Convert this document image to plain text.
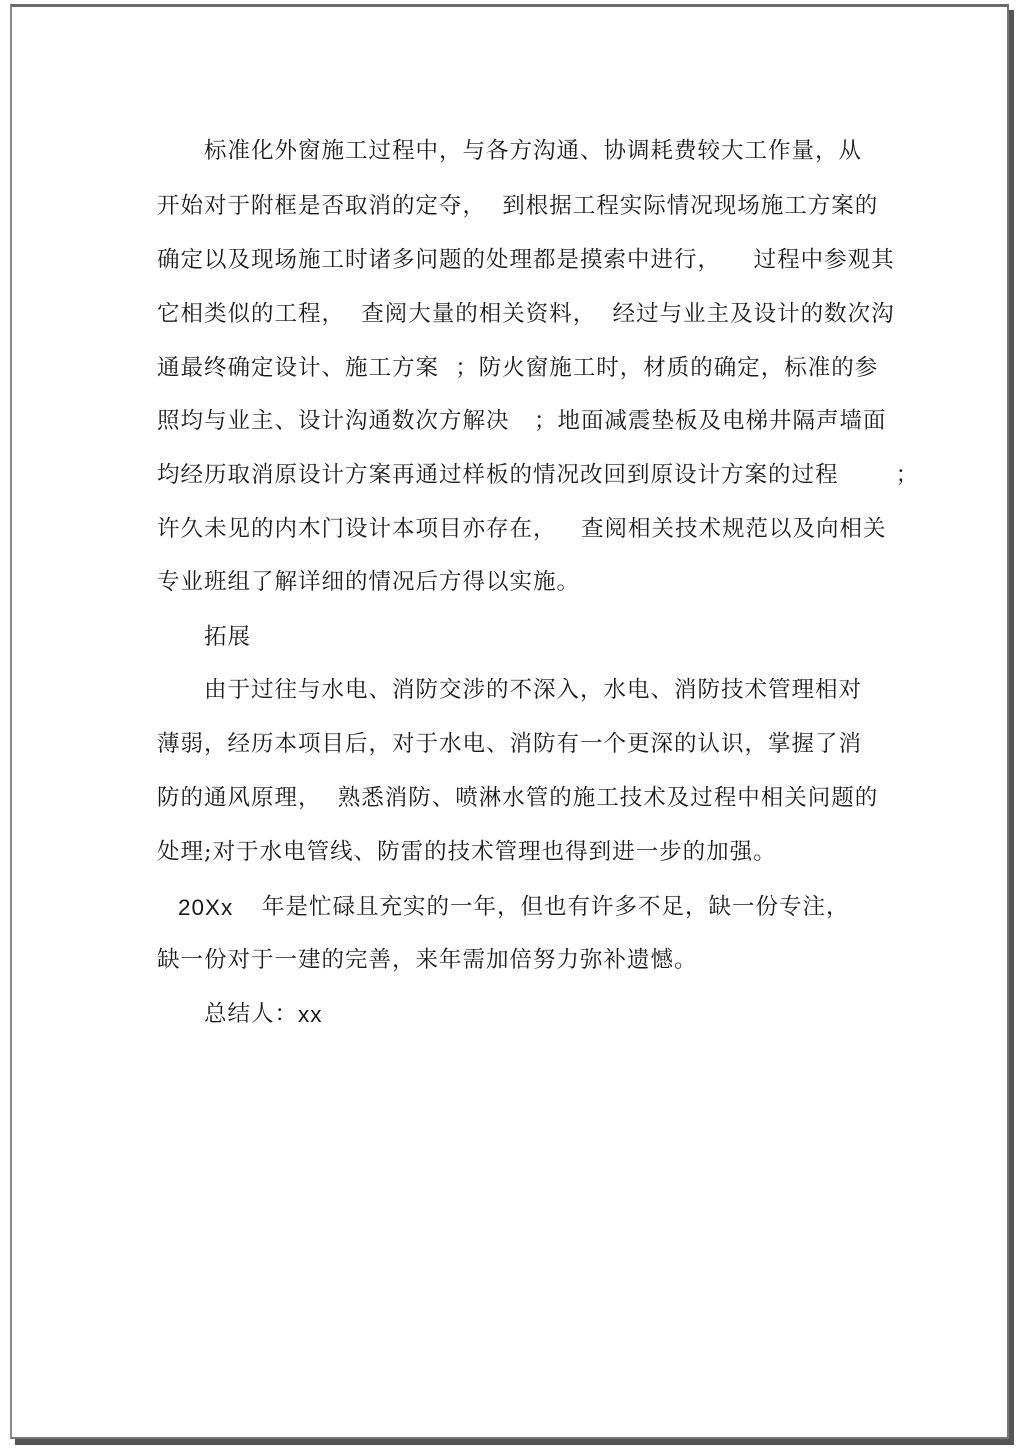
标准化外窗施工过程中，与各方沟通、协调耗费较大工作量，从
开始对于附框是否取消的定夺，  到根据工程实际情况现场施工方案的
确定以及现场施工时诸多问题的处理都是摸索中进行，    过程中参观其
它相类似的工程，  查阅大量的相关资料，  经过与业主及设计的数次沟
通最终确定设计、施工方案  ；防火窗施工时，材质的确定，标准的参
照均与业主、设计沟通数次方解决   ；地面减震垫板及电梯井隔声墙面
均经历取消原设计方案再通过样板的情况改回到原设计方案的过程       ；
许久未见的内木门设计本项目亦存在，   查阅相关技术规范以及向相关
专业班组了解详细的情况后方得以实施。
拓展
由于过往与水电、消防交涉的不深入，水电、消防技术管理相对
薄弱，经历本项目后，对于水电、消防有一个更深的认识，掌握了消
防的通风原理，  熟悉消防、喷淋水管的施工技术及过程中相关问题的
处理;对于水电管线、防雷的技术管理也得到进一步的加强。
20Xx 年是忙碌且充实的一年，但也有许多不足，缺一份专注，
缺一份对于一建的完善，来年需加倍努力弥补遗憾。
总结人： xx
